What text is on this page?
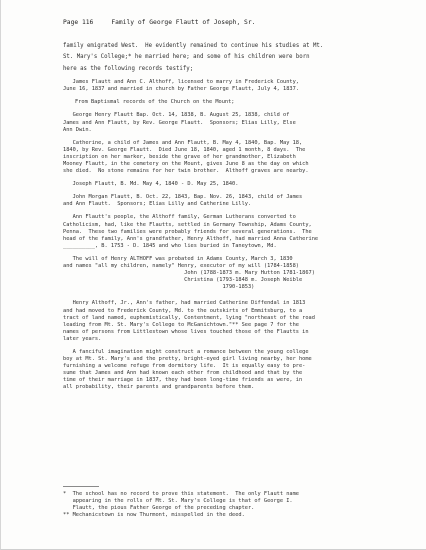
Page 116	Family of George Flautt of Joseph, Sr.
family emigrated West.  He evidently remained to continue his studies at Mt.
St. Mary's College;* he married here; and some of his children were born
here as the following records testify;
James Flautt and Ann C. Althoff, licensed to marry in Frederick County,
June 16, 1837 and married in church by Father George Flautt, July 4, 1837.
From Baptismal records of the Church on the Mount;
George Henry Flautt Bap. Oct. 14, 1838, B. August 25, 1838, child of
James and Ann Flautt, by Rev. George Flautt.  Sponsors; Elias Lilly, Else
Ann Dwin.
Catherine, a child of James and Ann Flautt, B. May 4, 1840, Bap. May 18,
1840, by Rev. George Flautt.  Died June 18, 1840, aged 1 month, 8 days.  The
inscription on her marker, beside the grave of her grandmother, Elizabeth
Mooney Flautt, in the cemetery on the Mount, gives June 8 as the day on which
she died.  No stone remains for her twin brother.  Althoff graves are nearby.
Joseph Flautt, B. Md. May 4, 1840 - D. May 25, 1840.
John Morgan Flautt, B. Oct. 22, 1843, Bap. Nov. 26, 1843, child of James
and Ann Flautt.  Sponsors; Elias Lilly and Catherine Lilly.
Ann Flautt's people, the Althoff family, German Lutherans converted to
Catholicism, had, like the Flautts, settled in Germany Township, Adams County,
Penna.  These two families were probably friends for several generations.  The
head of the family, Ann's grandfather, Henry Althoff, had married Anna Catherine
__________, B. 1753 - D. 1845 and who lies buried in Taneytown, Md.
The will of Henry ALTHOFF was probated in Adams County, March 3, 1830
and names "all my children, namely" Henry, executor of my will (1784-1858)
John (1788-1873 m. Mary Hutton 1781-1867)
Christina (1793-1848 m. Joseph Weible
1790-1853)
Henry Althoff, Jr., Ann's father, had married Catherine Diffendal in 1813
and had moved to Frederick County, Md. to the outskirts of Emmitsburg, to a
tract of land named, euphemistically, Contentment, lying "northeast of the road
leading from Mt. St. Mary's College to McGanichtown."** See page 7 for the
names of persons from Littlestown whose lives touched those of the Flautts in
later years.
A fanciful imagination might construct a romance between the young college
boy at Mt. St. Mary's and the pretty, bright-eyed girl living nearby, her home
furnishing a welcome refuge from dormitory life.  It is equally easy to pre-
sume that James and Ann had known each other from childhood and that by the
time of their marriage in 1837, they had been long-time friends as were, in
all probability, their parents and grandparents before them.
*  The school has no record to prove this statement.  The only Flautt name
appearing in the rolls of Mt. St. Mary's College is that of George I.
Flautt, the pious Father George of the preceding chapter.
** Mechanicstown is now Thurmont, misspelled in the deed.
